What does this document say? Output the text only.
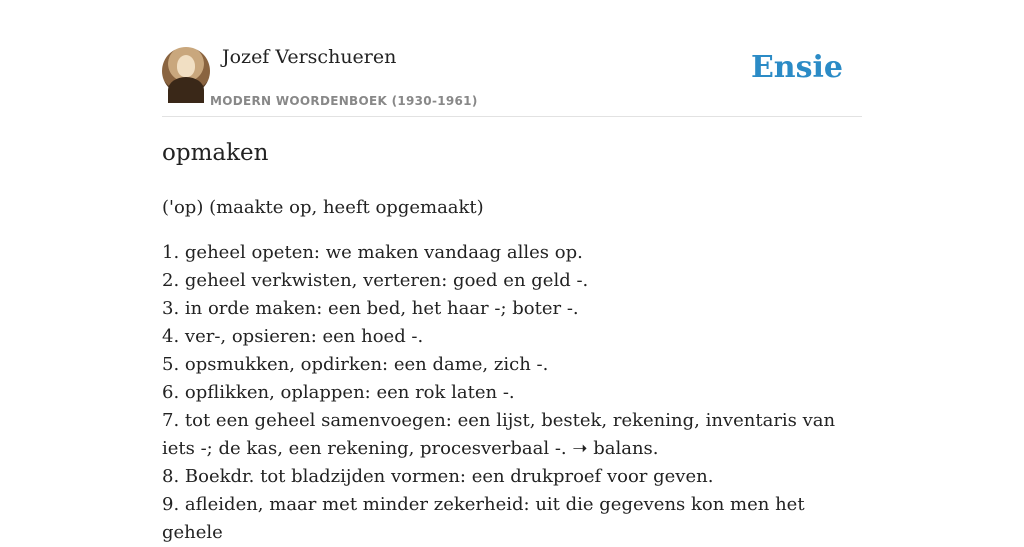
Jozef Verschueren
MODERN WOORDENBOEK (1930-1961)
Ensie
opmaken

('op) (maakte op, heeft opgemaakt)

1. geheel opeten: we maken vandaag alles op.
2. geheel verkwisten, verteren: goed en geld -.
3. in orde maken: een bed, het haar -; boter -.
4. ver-, opsieren: een hoed -.
5. opsmukken, opdirken: een dame, zich -.
6. opflikken, oplappen: een rok laten -.
7. tot een geheel samenvoegen: een lijst, bestek, rekening, inventaris van iets -; de kas, een rekening, procesverbaal -. ➝ balans.
8. Boekdr. tot bladzijden vormen: een drukproef voor geven.
9. afleiden, maar met minder zekerheid: uit die gegevens kon men het gehele
